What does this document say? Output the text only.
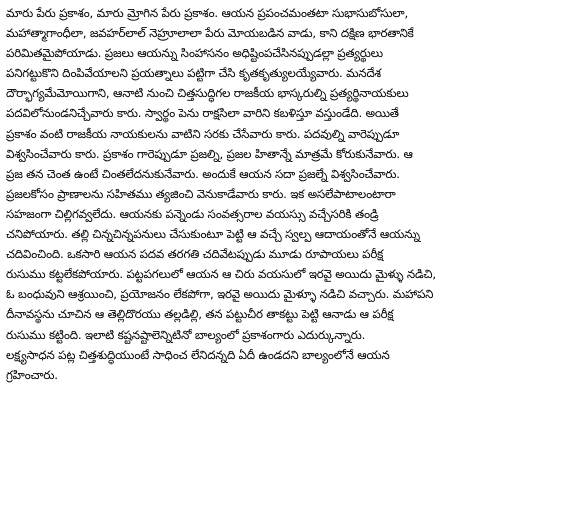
మారు పేరు ప్రకాశం, మారు మ్రోగిన పేరు ప్రకాశం. ఆయన ప్రపంచమంతటా సుభాసుబోసులా,
మహాత్మాగాంధీలా, జవహర్‌లాల్ నెహ్రూలాలా పేరు మోయబడిన వాడు, కాని దక్షిణ భారతానికే
పరిమితమైపోయాడు. ప్రజలు ఆయన్ను సింహాసనం అధిష్టింపచేసినప్పుడల్లా ప్రత్యర్థులు
పనిగట్టుకొని దింపివేయాలని ప్రయత్నాలు పట్టిగా చేసి కృతకృత్యులయ్యేవారు. మనదేశ
దౌర్భాగ్యమేమోయిగాని, ఆనాటి నుంచి చిత్తసుద్ధిగల రాజకీయ భాస్కరుల్ని ప్రత్యర్థినాయకులు
పదవిలోనుండనిచ్చేవారు కారు. స్వార్థం పెను రాక్షసిలా వారిని కబళిస్తూ వస్తుండేది. అయితే
ప్రకాశం వంటి రాజకీయ నాయకులను వాటిని సరకు చేసేవారు కారు. పదవుల్ని వారెప్పుడూ
విశ్వసించేవారు కారు. ప్రకాశం గారెప్పుడూ ప్రజల్ని, ప్రజల హితాన్నే మాత్రమే కోరుకునేవారు. ఆ
ప్రజ తన చెంత ఉంటే చింతలేదనుకునేవారు. అందుకే ఆయన సదా ప్రజల్నే విశ్వసించేవారు.
ప్రజలకోసం ప్రాణాలను సహితము త్యజించి వెనుకాడేవారు కారు. ఇక అసలేపాటాలంటారా
సహజంగా చిల్లిగవ్వలేదు. ఆయనకు పన్నెండు సంవత్సరాల వయస్సు వచ్చేసరికి తండ్రి
చనిపోయారు. తల్లి చిన్నచిన్నపనులు చేసుకుంటూ పెట్టి ఆ వచ్చే స్వల్ప ఆదాయంతోనే ఆయన్ను
చదివించింది. ఒకసారి ఆయన పదవ తరగతి చదివేటప్పుడు మూడు రూపాయలు పరీక్ష
రుసుము కట్టలేకపోయారు. పట్టపగలులో ఆయన ఆ చిరు వయసులో ఇరవై అయిదు మైళ్ళు నడిచి,
ఓ బంధువుని ఆశ్రయించి, ప్రయోజనం లేకపోగా, ఇరవై అయిదు మైళ్ళూ నడిచి వచ్చారు. మహాపని
దీనావస్థను చూచిన ఆ తెల్లిదొరయు తల్లడిల్లి, తన పట్టుచీర తాకట్టు పెట్టి ఆనాడు ఆ పరీక్ష
రుసుము కట్టింది. ఇలాటి కష్టనష్టాలెన్నిటినో బాల్యంలో ప్రకాశంగారు ఎదుర్కున్నారు.
లక్ష్యసాధన పట్ల చిత్తశుద్ధియుంటే సాధించ లేనిదన్నది ఏదీ ఉండదని బాల్యంలోనే ఆయన
గ్రహించారు.
